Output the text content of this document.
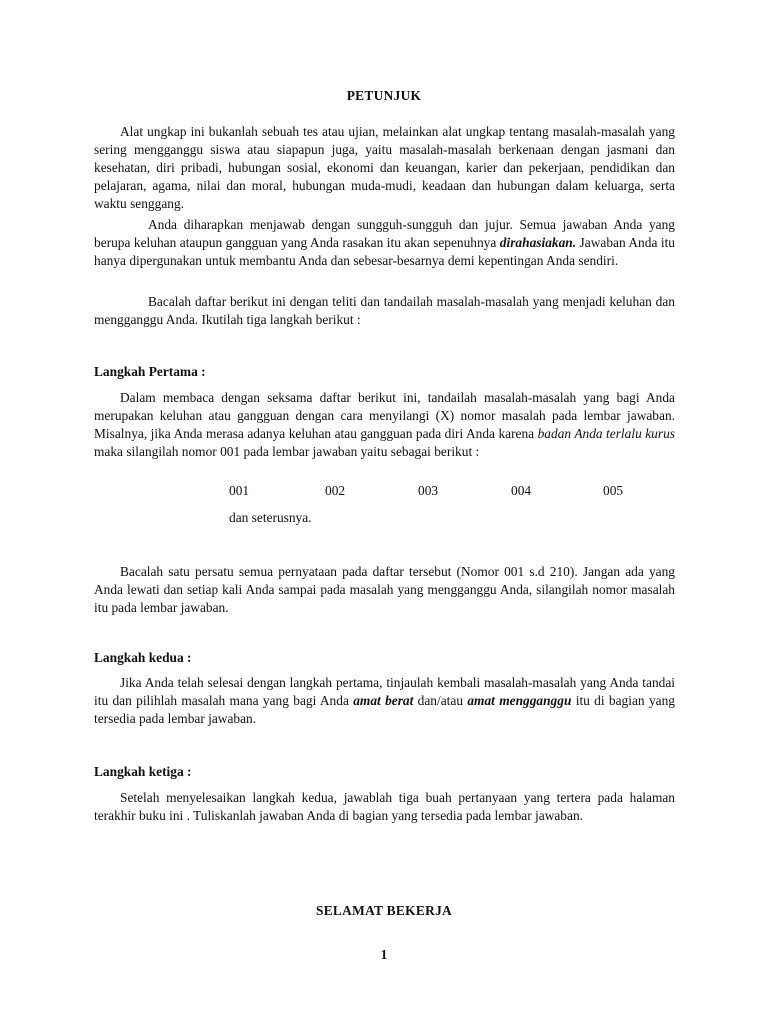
PETUNJUK

Alat ungkap ini bukanlah sebuah tes atau ujian, melainkan alat ungkap tentang masalah-masalah yang sering mengganggu siswa atau siapapun juga, yaitu masalah-masalah berkenaan dengan jasmani dan kesehatan, diri pribadi, hubungan sosial, ekonomi dan keuangan, karier dan pekerjaan, pendidikan dan pelajaran, agama, nilai dan moral, hubungan muda-mudi, keadaan dan hubungan dalam keluarga, serta waktu senggang.

Anda diharapkan menjawab dengan sungguh-sungguh dan jujur. Semua jawaban Anda yang berupa keluhan ataupun gangguan yang Anda rasakan itu akan sepenuhnya dirahasiakan. Jawaban Anda itu hanya dipergunakan untuk membantu Anda dan sebesar-besarnya demi kepentingan Anda sendiri.

Bacalah daftar berikut ini dengan teliti dan tandailah masalah-masalah yang menjadi keluhan dan mengganggu Anda. Ikutilah tiga langkah berikut :

Langkah Pertama :

Dalam membaca dengan seksama daftar berikut ini, tandailah masalah-masalah yang bagi Anda merupakan keluhan atau gangguan dengan cara menyilangi (X) nomor masalah pada lembar jawaban. Misalnya, jika Anda merasa adanya keluhan atau gangguan pada diri Anda karena badan Anda terlalu kurus maka silangilah nomor 001 pada lembar jawaban yaitu sebagai berikut :

001	002	003	004	005
dan seterusnya.

Bacalah satu persatu semua pernyataan pada daftar tersebut (Nomor 001 s.d 210). Jangan ada yang Anda lewati dan setiap kali Anda sampai pada masalah yang mengganggu Anda, silangilah nomor masalah itu pada lembar jawaban.

Langkah kedua :

Jika Anda telah selesai dengan langkah pertama, tinjaulah kembali masalah-masalah yang Anda tandai itu dan pilihlah masalah mana yang bagi Anda amat berat dan/atau amat mengganggu itu di bagian yang tersedia pada lembar jawaban.

Langkah ketiga :

Setelah menyelesaikan langkah kedua, jawablah tiga buah pertanyaan yang tertera pada halaman terakhir buku ini . Tuliskanlah jawaban Anda di bagian yang tersedia pada lembar jawaban.

SELAMAT BEKERJA
1
